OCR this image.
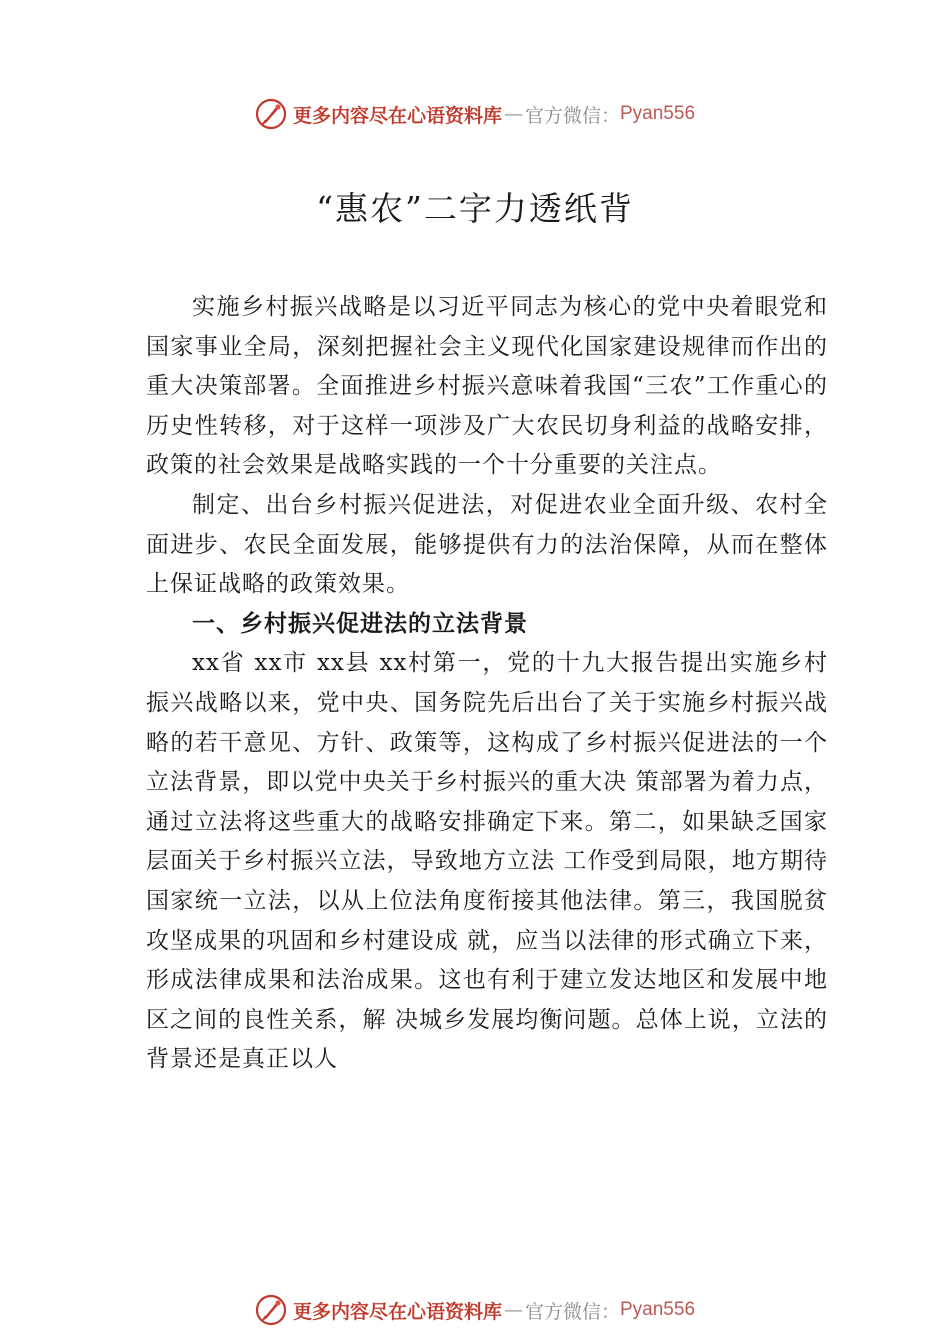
更多内容尽在心语资料库 — 官方微信： Pyan556
“惠农”二字力透纸背

实施乡村振兴战略是以习近平同志为核心的党中央着眼党和国家事业全局，深刻把握社会主义现代化国家建设规律而作出的重大决策部署。全面推进乡村振兴意味着我国“三农”工作重心的历史性转移，对于这样一项涉及广大农民切身利益的战略安排，政策的社会效果是战略实践的一个十分重要的关注点。

制定、出台乡村振兴促进法，对促进农业全面升级、农村全面进步、农民全面发展，能够提供有力的法治保障，从而在整体上保证战略的政策效果。

一、乡村振兴促进法的立法背景

xx省 xx市 xx县 xx村第一，党的十九大报告提出实施乡村振兴战略以来，党中央、国务院先后出台了关于实施乡村振兴战略的若干意见、方针、政策等，这构成了乡村振兴促进法的一个立法背景，即以党中央关于乡村振兴的重大决 策部署为着力点，通过立法将这些重大的战略安排确定下来。第二，如果缺乏国家层面关于乡村振兴立法，导致地方立法 工作受到局限，地方期待国家统一立法，以从上位法角度衔接其他法律。第三，我国脱贫攻坚成果的巩固和乡村建设成 就，应当以法律的形式确立下来，形成法律成果和法治成果。这也有利于建立发达地区和发展中地区之间的良性关系，解 决城乡发展均衡问题。总体上说，立法的背景还是真正以人

更多内容尽在心语资料库 — 官方微信： Pyan556
